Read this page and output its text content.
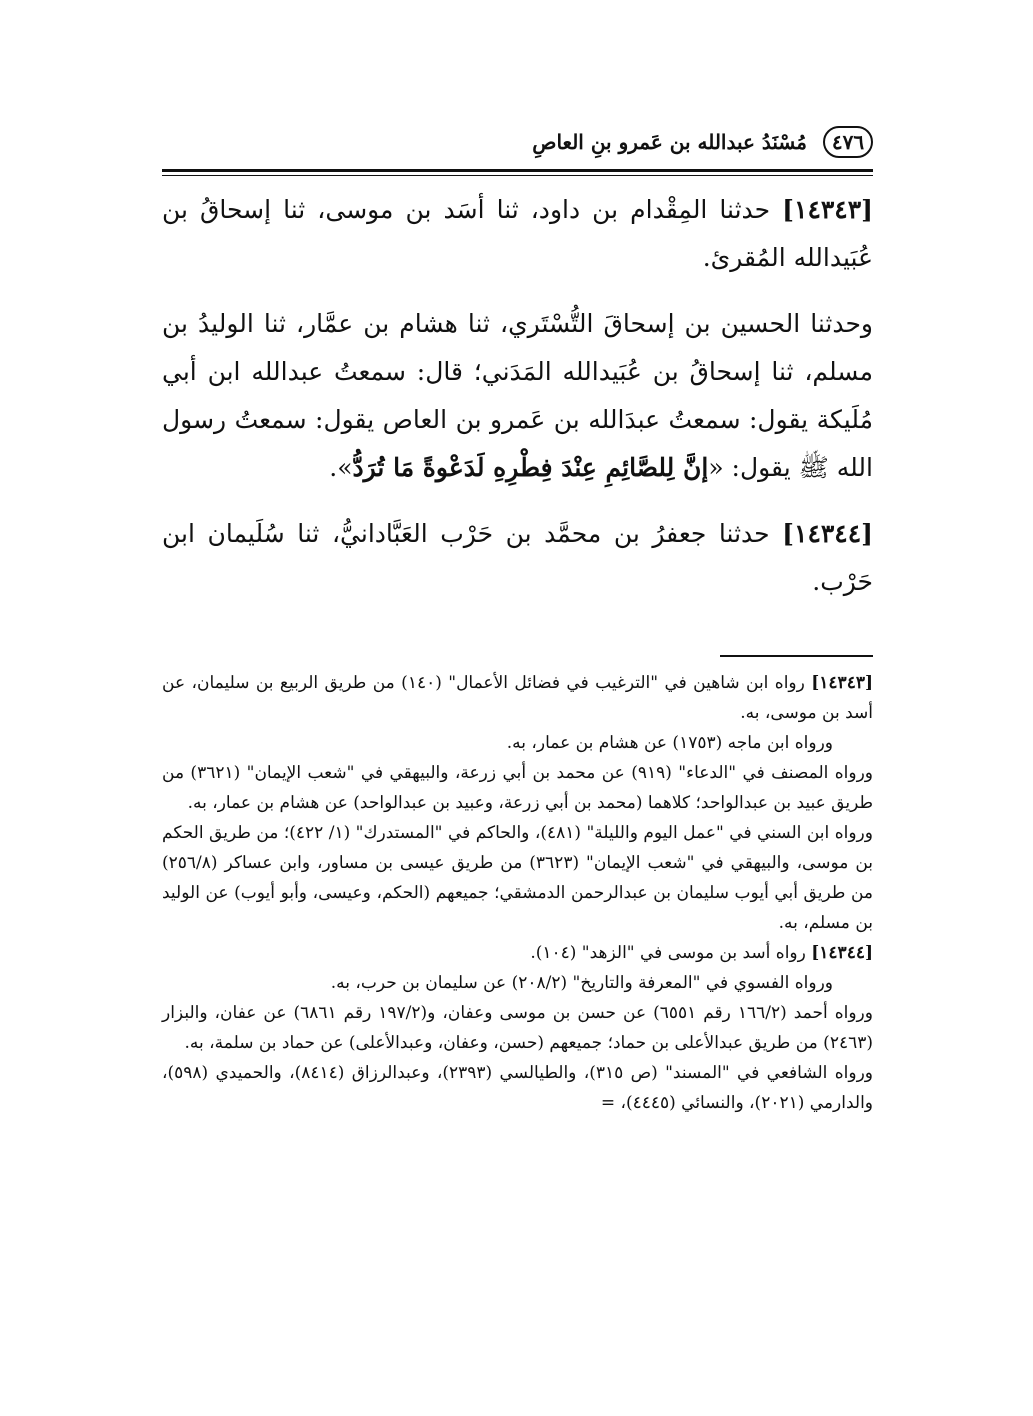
٤٧٦
مُسْنَدُ عبدالله بن عَمرو بنِ العاصِ

[١٤٣٤٣] حدثنا المِقْدام بن داود، ثنا أسَد بن موسى، ثنا إسحاقُ بن عُبَيدالله المُقرئ.

وحدثنا الحسين بن إسحاقَ التُّسْتَري، ثنا هشام بن عمَّار، ثنا الوليدُ بن مسلم، ثنا إسحاقُ بن عُبَيدالله المَدَني؛ قال: سمعتُ عبدالله ابن أبي مُلَيكة يقول: سمعتُ عبدَالله بن عَمرو بن العاص يقول: سمعتُ رسول الله ﷺ يقول: «إنَّ لِلصَّائِمِ عِنْدَ فِطْرِهِ لَدَعْوةً مَا تُرَدُّ».

[١٤٣٤٤] حدثنا جعفرُ بن محمَّد بن حَرْب العَبَّادانيُّ، ثنا سُلَيمان ابن حَرْب.

[١٤٣٤٣] رواه ابن شاهين في "الترغيب في فضائل الأعمال" (١٤٠) من طريق الربيع بن سليمان، عن أسد بن موسى، به.

ورواه ابن ماجه (١٧٥٣) عن هشام بن عمار، به.

ورواه المصنف في "الدعاء" (٩١٩) عن محمد بن أبي زرعة، والبيهقي في "شعب الإيمان" (٣٦٢١) من طريق عبيد بن عبدالواحد؛ كلاهما (محمد بن أبي زرعة، وعبيد بن عبدالواحد) عن هشام بن عمار، به.

ورواه ابن السني في "عمل اليوم والليلة" (٤٨١)، والحاكم في "المستدرك" (١/ ٤٢٢)؛ من طريق الحكم بن موسى، والبيهقي في "شعب الإيمان" (٣٦٢٣) من طريق عيسى بن مساور، وابن عساكر (٢٥٦/٨) من طريق أبي أيوب سليمان بن عبدالرحمن الدمشقي؛ جميعهم (الحكم، وعيسى، وأبو أيوب) عن الوليد بن مسلم، به.

[١٤٣٤٤] رواه أسد بن موسى في "الزهد" (١٠٤).

ورواه الفسوي في "المعرفة والتاريخ" (٢٠٨/٢) عن سليمان بن حرب، به.

ورواه أحمد (١٦٦/٢ رقم ٦٥٥١) عن حسن بن موسى وعفان، و(١٩٧/٢ رقم ٦٨٦١) عن عفان، والبزار (٢٤٦٣) من طريق عبدالأعلى بن حماد؛ جميعهم (حسن، وعفان، وعبدالأعلى) عن حماد بن سلمة، به.

ورواه الشافعي في "المسند" (ص ٣١٥)، والطيالسي (٢٣٩٣)، وعبدالرزاق (٨٤١٤)، والحميدي (٥٩٨)، والدارمي (٢٠٢١)، والنسائي (٤٤٤٥)، =
